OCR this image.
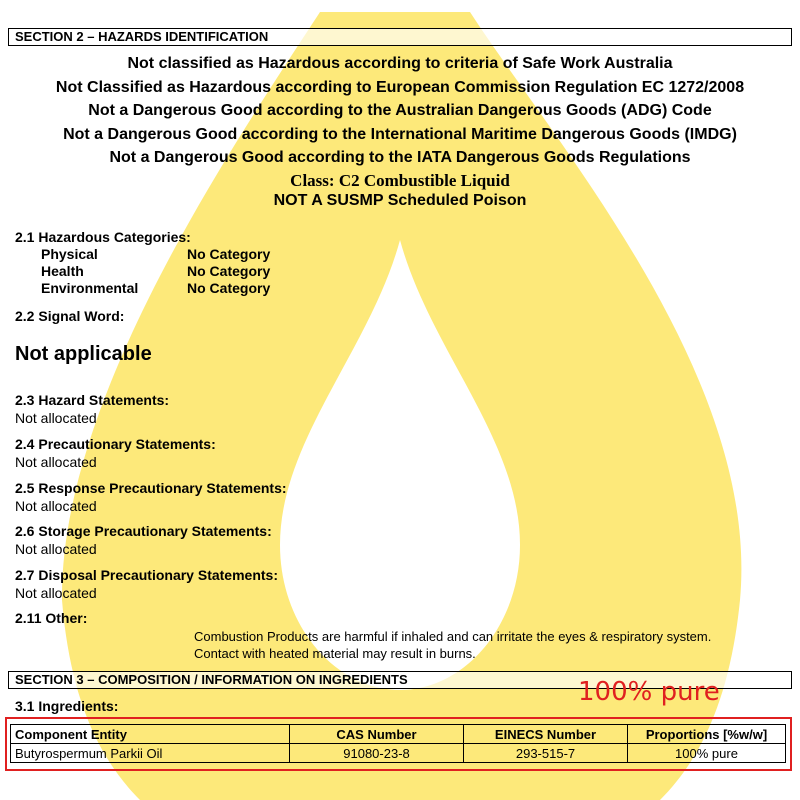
SECTION 2 – HAZARDS IDENTIFICATION
Not classified as Hazardous according to criteria of Safe Work Australia
Not Classified as Hazardous according to European Commission Regulation EC 1272/2008
Not a Dangerous Good according to the Australian Dangerous Goods (ADG) Code
Not a Dangerous Good according to the International Maritime Dangerous Goods (IMDG)
Not a Dangerous Good according to the IATA Dangerous Goods Regulations
Class: C2 Combustible Liquid
NOT A SUSMP Scheduled Poison
2.1 Hazardous Categories:
Physical	No Category
Health	No Category
Environmental	No Category
2.2 Signal Word:
Not applicable
2.3 Hazard Statements:
Not allocated
2.4 Precautionary Statements:
Not allocated
2.5 Response Precautionary Statements:
Not allocated
2.6 Storage Precautionary Statements:
Not allocated
2.7 Disposal Precautionary Statements:
Not allocated
2.11 Other:
Combustion Products are harmful if inhaled and can irritate the eyes & respiratory system.
Contact with heated material may result in burns.
SECTION 3 – COMPOSITION / INFORMATION ON INGREDIENTS
3.1 Ingredients:	100% pure
Component Entity	CAS Number	EINECS Number	Proportions [%w/w]
Butyrospermum Parkii Oil	91080-23-8	293-515-7	100% pure
